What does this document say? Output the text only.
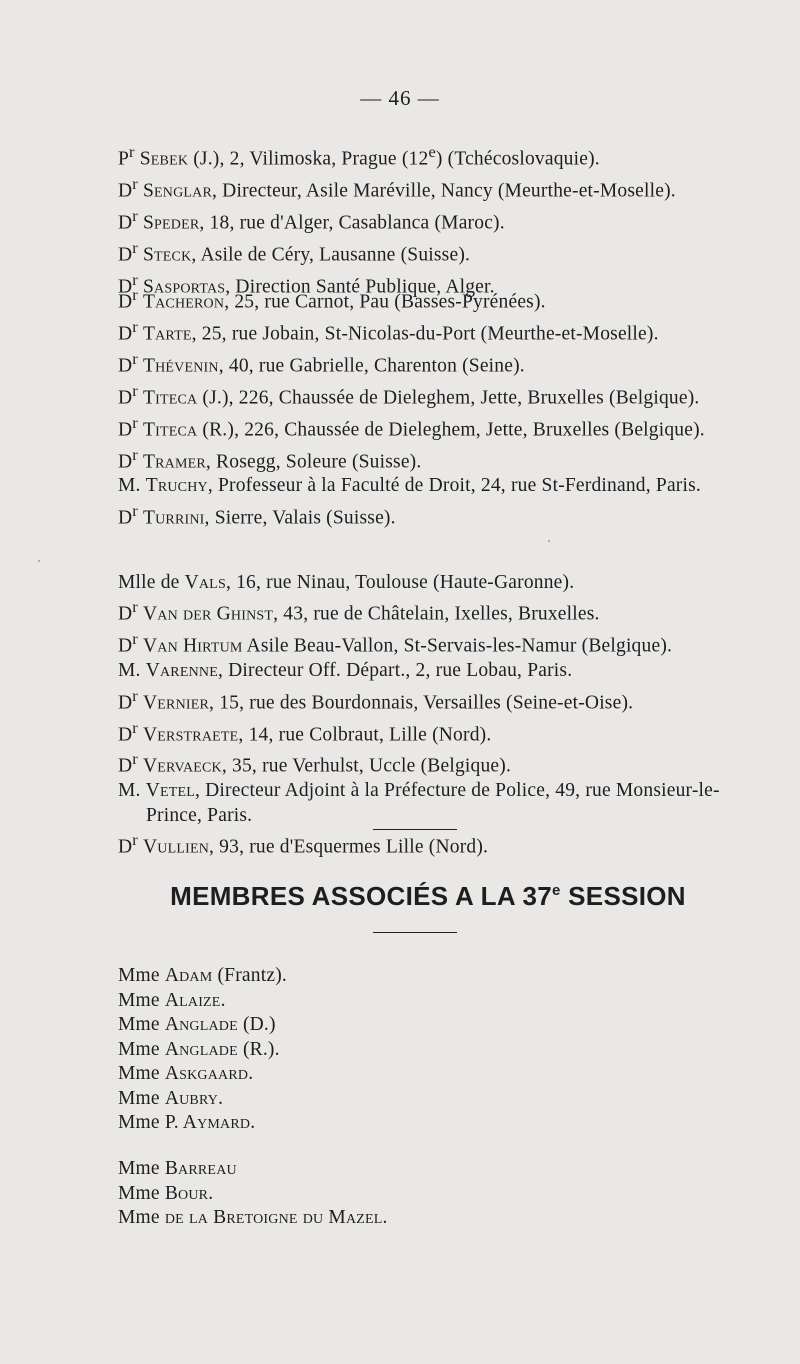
— 46 —
$P^r$ Sebek (J.), 2, Vilimoska, Prague (12e) (Tchécoslovaquie).
$D^r$ Senglar, Directeur, Asile Maréville, Nancy (Meurthe-et-Moselle).
$D^r$ Speder, 18, rue d'Alger, Casablanca (Maroc).
$D^r$ Steck, Asile de Céry, Lausanne (Suisse).
$D^r$ Sasportas, Direction Santé Publique, Alger.
$D^r$ Tacheron, 25, rue Carnot, Pau (Basses-Pyrénées).
$D^r$ Tarte, 25, rue Jobain, St-Nicolas-du-Port (Meurthe-et-Moselle).
$D^r$ Thévenin, 40, rue Gabrielle, Charenton (Seine).
$D^r$ Titeca (J.), 226, Chaussée de Dieleghem, Jette, Bruxelles (Belgique).
$D^r$ Titeca (R.), 226, Chaussée de Dieleghem, Jette, Bruxelles (Belgique).
$D^r$ Tramer, Rosegg, Soleure (Suisse).
M. Truchy, Professeur à la Faculté de Droit, 24, rue St-Ferdinand, Paris.
$D^r$ Turrini, Sierre, Valais (Suisse).
Mlle de Vals, 16, rue Ninau, Toulouse (Haute-Garonne).
$D^r$ Van der Ghinst, 43, rue de Châtelain, Ixelles, Bruxelles.
$D^r$ Van Hirtum Asile Beau-Vallon, St-Servais-les-Namur (Belgique).
M. Varenne, Directeur Off. Départ., 2, rue Lobau, Paris.
$D^r$ Vernier, 15, rue des Bourdonnais, Versailles (Seine-et-Oise).
$D^r$ Verstraete, 14, rue Colbraut, Lille (Nord).
$D^r$ Vervaeck, 35, rue Verhulst, Uccle (Belgique).
M. Vetel, Directeur Adjoint à la Préfecture de Police, 49, rue Monsieur-le-Prince, Paris.
$D^r$ Vullien, 93, rue d'Esquermes Lille (Nord).
MEMBRES ASSOCIÉS A LA 37e SESSION
Mme Adam (Frantz).
Mme Alaize.
Mme Anglade (D.)
Mme Anglade (R.).
Mme Askgaard.
Mme Aubry.
Mme P. Aymard.
Mme Barreau
Mme Bour.
Mme de la Bretoigne du Mazel.
